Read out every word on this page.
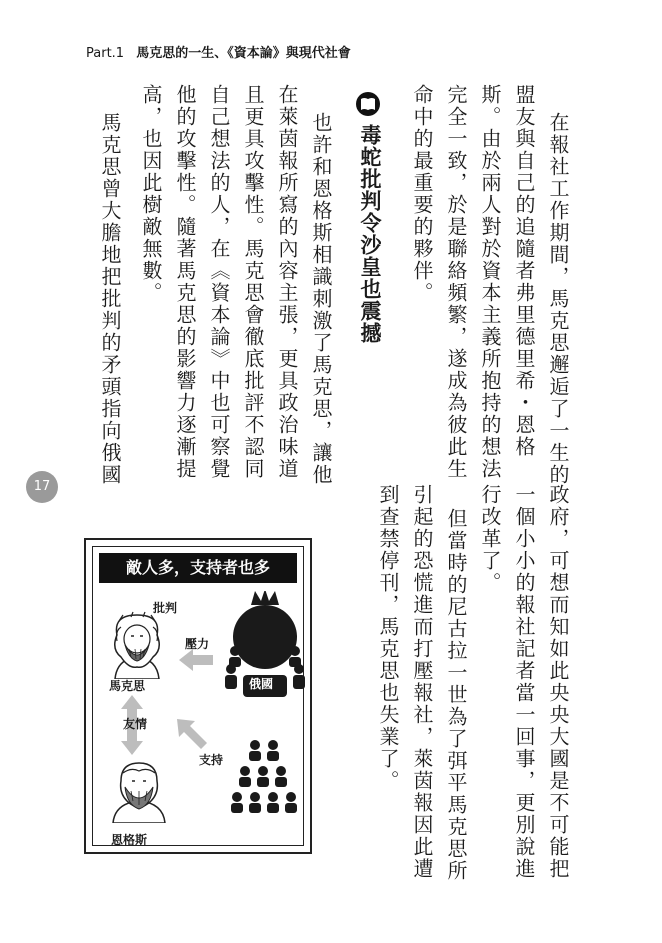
Part.1 馬克思的一生、《資本論》與現代社會
在報社工作期間，馬克思邂逅了一生的
盟友與自己的追隨者弗里德里希・恩格
斯。由於兩人對於資本主義所抱持的想法
完全一致，於是聯絡頻繁，遂成為彼此生
命中的最重要的夥伴。
毒蛇批判令沙皇也震撼
也許和恩格斯相識刺激了馬克思，讓他
在萊茵報所寫的內容主張，更具政治味道
且更具攻擊性。馬克思會徹底批評不認同
自己想法的人，在《資本論》中也可察覺
他的攻擊性。隨著馬克思的影響力逐漸提
高，也因此樹敵無數。
馬克思曾大膽地把批判的矛頭指向俄國
政府，可想而知如此央央大國是不可能把
一個小小的報社記者當一回事，更別說進
行改革了。
但當時的尼古拉一世為了弭平馬克思所
引起的恐慌進而打壓報社，萊茵報因此遭
到查禁停刊，馬克思也失業了。
17
敵人多，支持者也多
馬克思
批判
壓力
友情
俄國
支持
恩格斯
